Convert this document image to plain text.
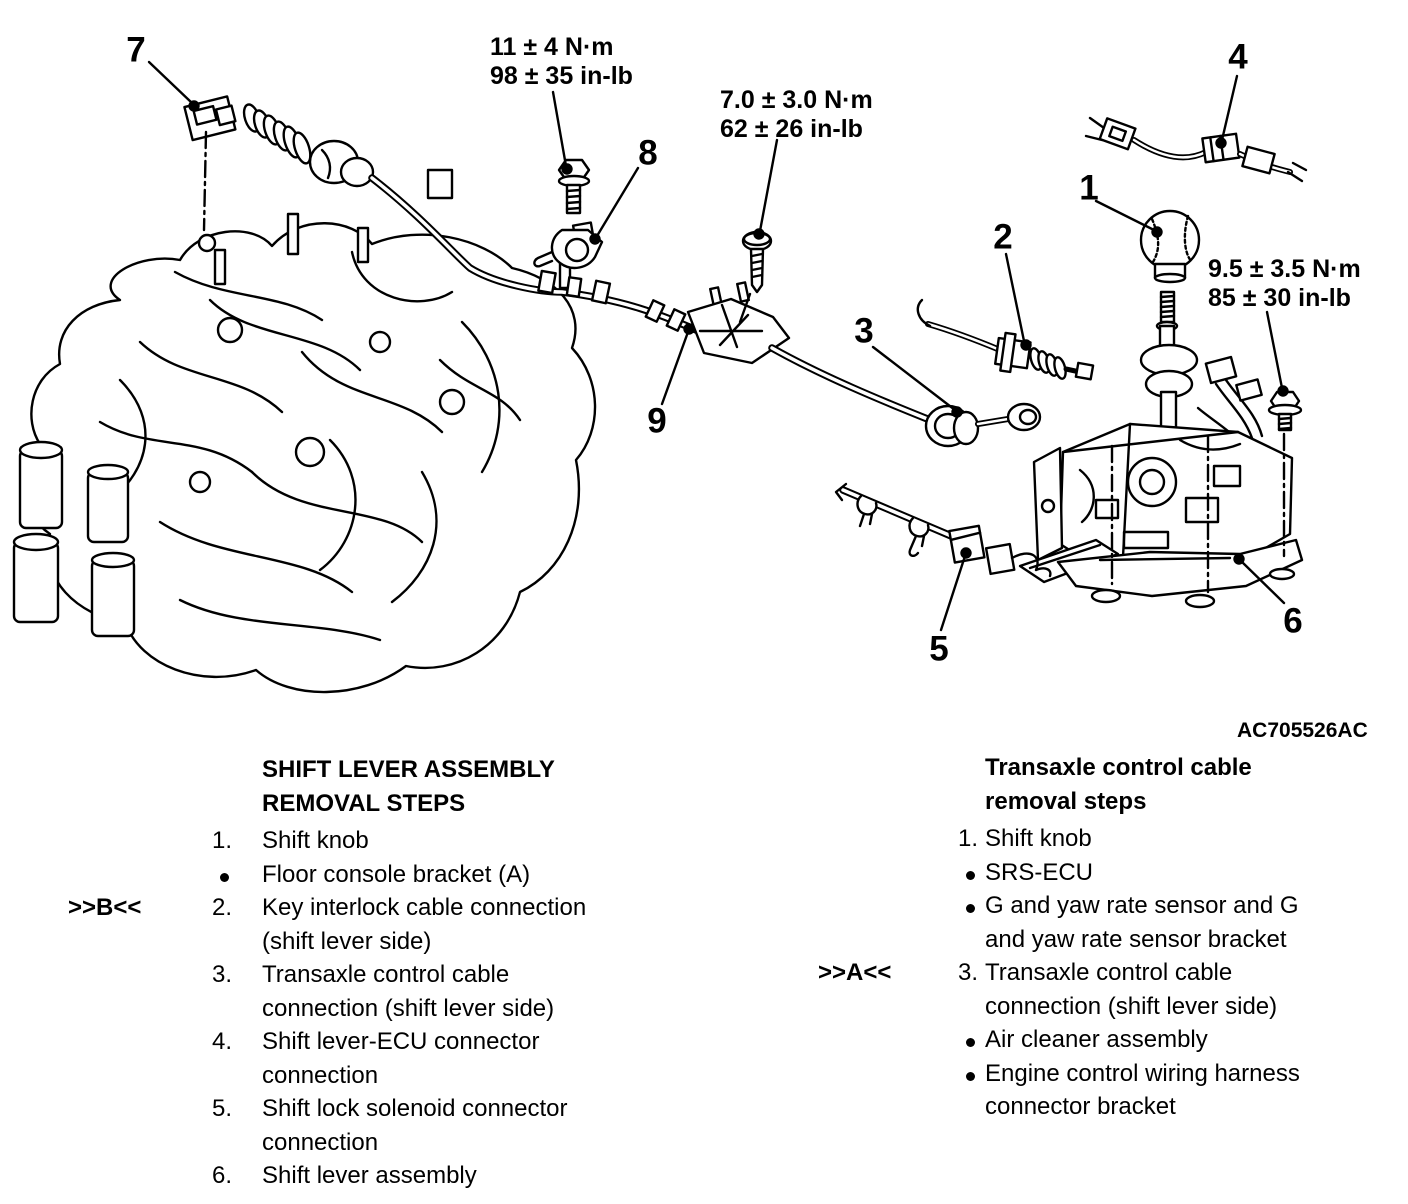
7
8
4
1
2
3
9
5
6
11 ± 4 N·m
98 ± 35 in-lb
7.0 ± 3.0 N·m
62 ± 26 in-lb
9.5 ± 3.5 N·m
85 ± 30 in-lb
AC705526AC
SHIFT LEVER ASSEMBLY
REMOVAL STEPS
1.	Shift knob
Floor console bracket (A)
>>B<<	2.	Key interlock cable connection
(shift lever side)
3.	Transaxle control cable
connection (shift lever side)
4.	Shift lever-ECU connector
connection
5.	Shift lock solenoid connector
connection
6.	Shift lever assembly
Transaxle control cable
removal steps
1. Shift knob
SRS-ECU
G and yaw rate sensor and G
and yaw rate sensor bracket
>>A<<	3. Transaxle control cable
connection (shift lever side)
Air cleaner assembly
Engine control wiring harness
connector bracket
